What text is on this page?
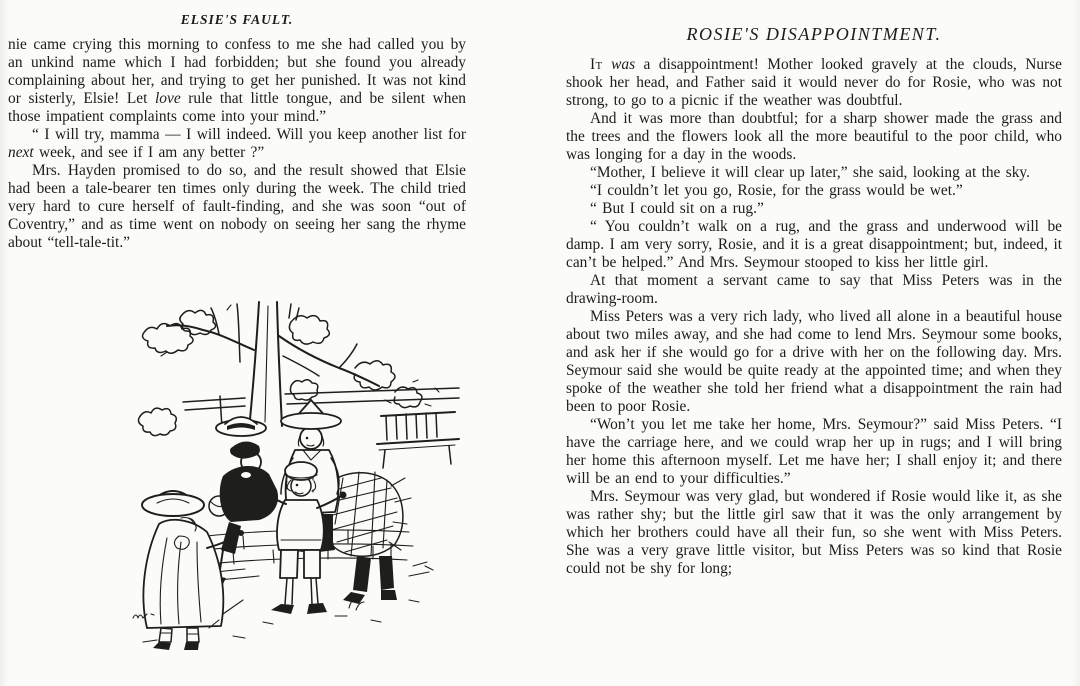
ELSIE'S FAULT.

nie came crying this morning to confess to me she had called you by an unkind name which I had forbidden; but she found you already complaining about her, and trying to get her punished. It was not kind or sisterly, Elsie! Let love rule that little tongue, and be silent when those impatient complaints come into your mind.”

“ I will try, mamma — I will indeed. Will you keep another list for next week, and see if I am any better ?”

Mrs. Hayden promised to do so, and the result showed that Elsie had been a tale-bearer ten times only during the week. The child tried very hard to cure herself of fault-finding, and she was soon “out of Coventry,” and as time went on nobody on seeing her sang the rhyme about “tell-tale-tit.”

ROSIE'S DISAPPOINTMENT.

It was a disappointment! Mother looked gravely at the clouds, Nurse shook her head, and Father said it would never do for Rosie, who was not strong, to go to a picnic if the weather was doubtful.

And it was more than doubtful; for a sharp shower made the grass and the trees and the flowers look all the more beautiful to the poor child, who was longing for a day in the woods.

“Mother, I believe it will clear up later,” she said, looking at the sky.

“I couldn’t let you go, Rosie, for the grass would be wet.”

“ But I could sit on a rug.”

“ You couldn’t walk on a rug, and the grass and underwood will be damp. I am very sorry, Rosie, and it is a great disappointment; but, indeed, it can’t be helped.” And Mrs. Seymour stooped to kiss her little girl.

At that moment a servant came to say that Miss Peters was in the drawing-room.

Miss Peters was a very rich lady, who lived all alone in a beautiful house about two miles away, and she had come to lend Mrs. Seymour some books, and ask her if she would go for a drive with her on the following day. Mrs. Seymour said she would be quite ready at the appointed time; and when they spoke of the weather she told her friend what a disappointment the rain had been to poor Rosie.

“Won’t you let me take her home, Mrs. Seymour?” said Miss Peters. “I have the carriage here, and we could wrap her up in rugs; and I will bring her home this afternoon myself. Let me have her; I shall enjoy it; and there will be an end to your difficulties.”

Mrs. Seymour was very glad, but wondered if Rosie would like it, as she was rather shy; but the little girl saw that it was the only arrangement by which her brothers could have all their fun, so she went with Miss Peters. She was a very grave little visitor, but Miss Peters was so kind that Rosie could not be shy for long;
